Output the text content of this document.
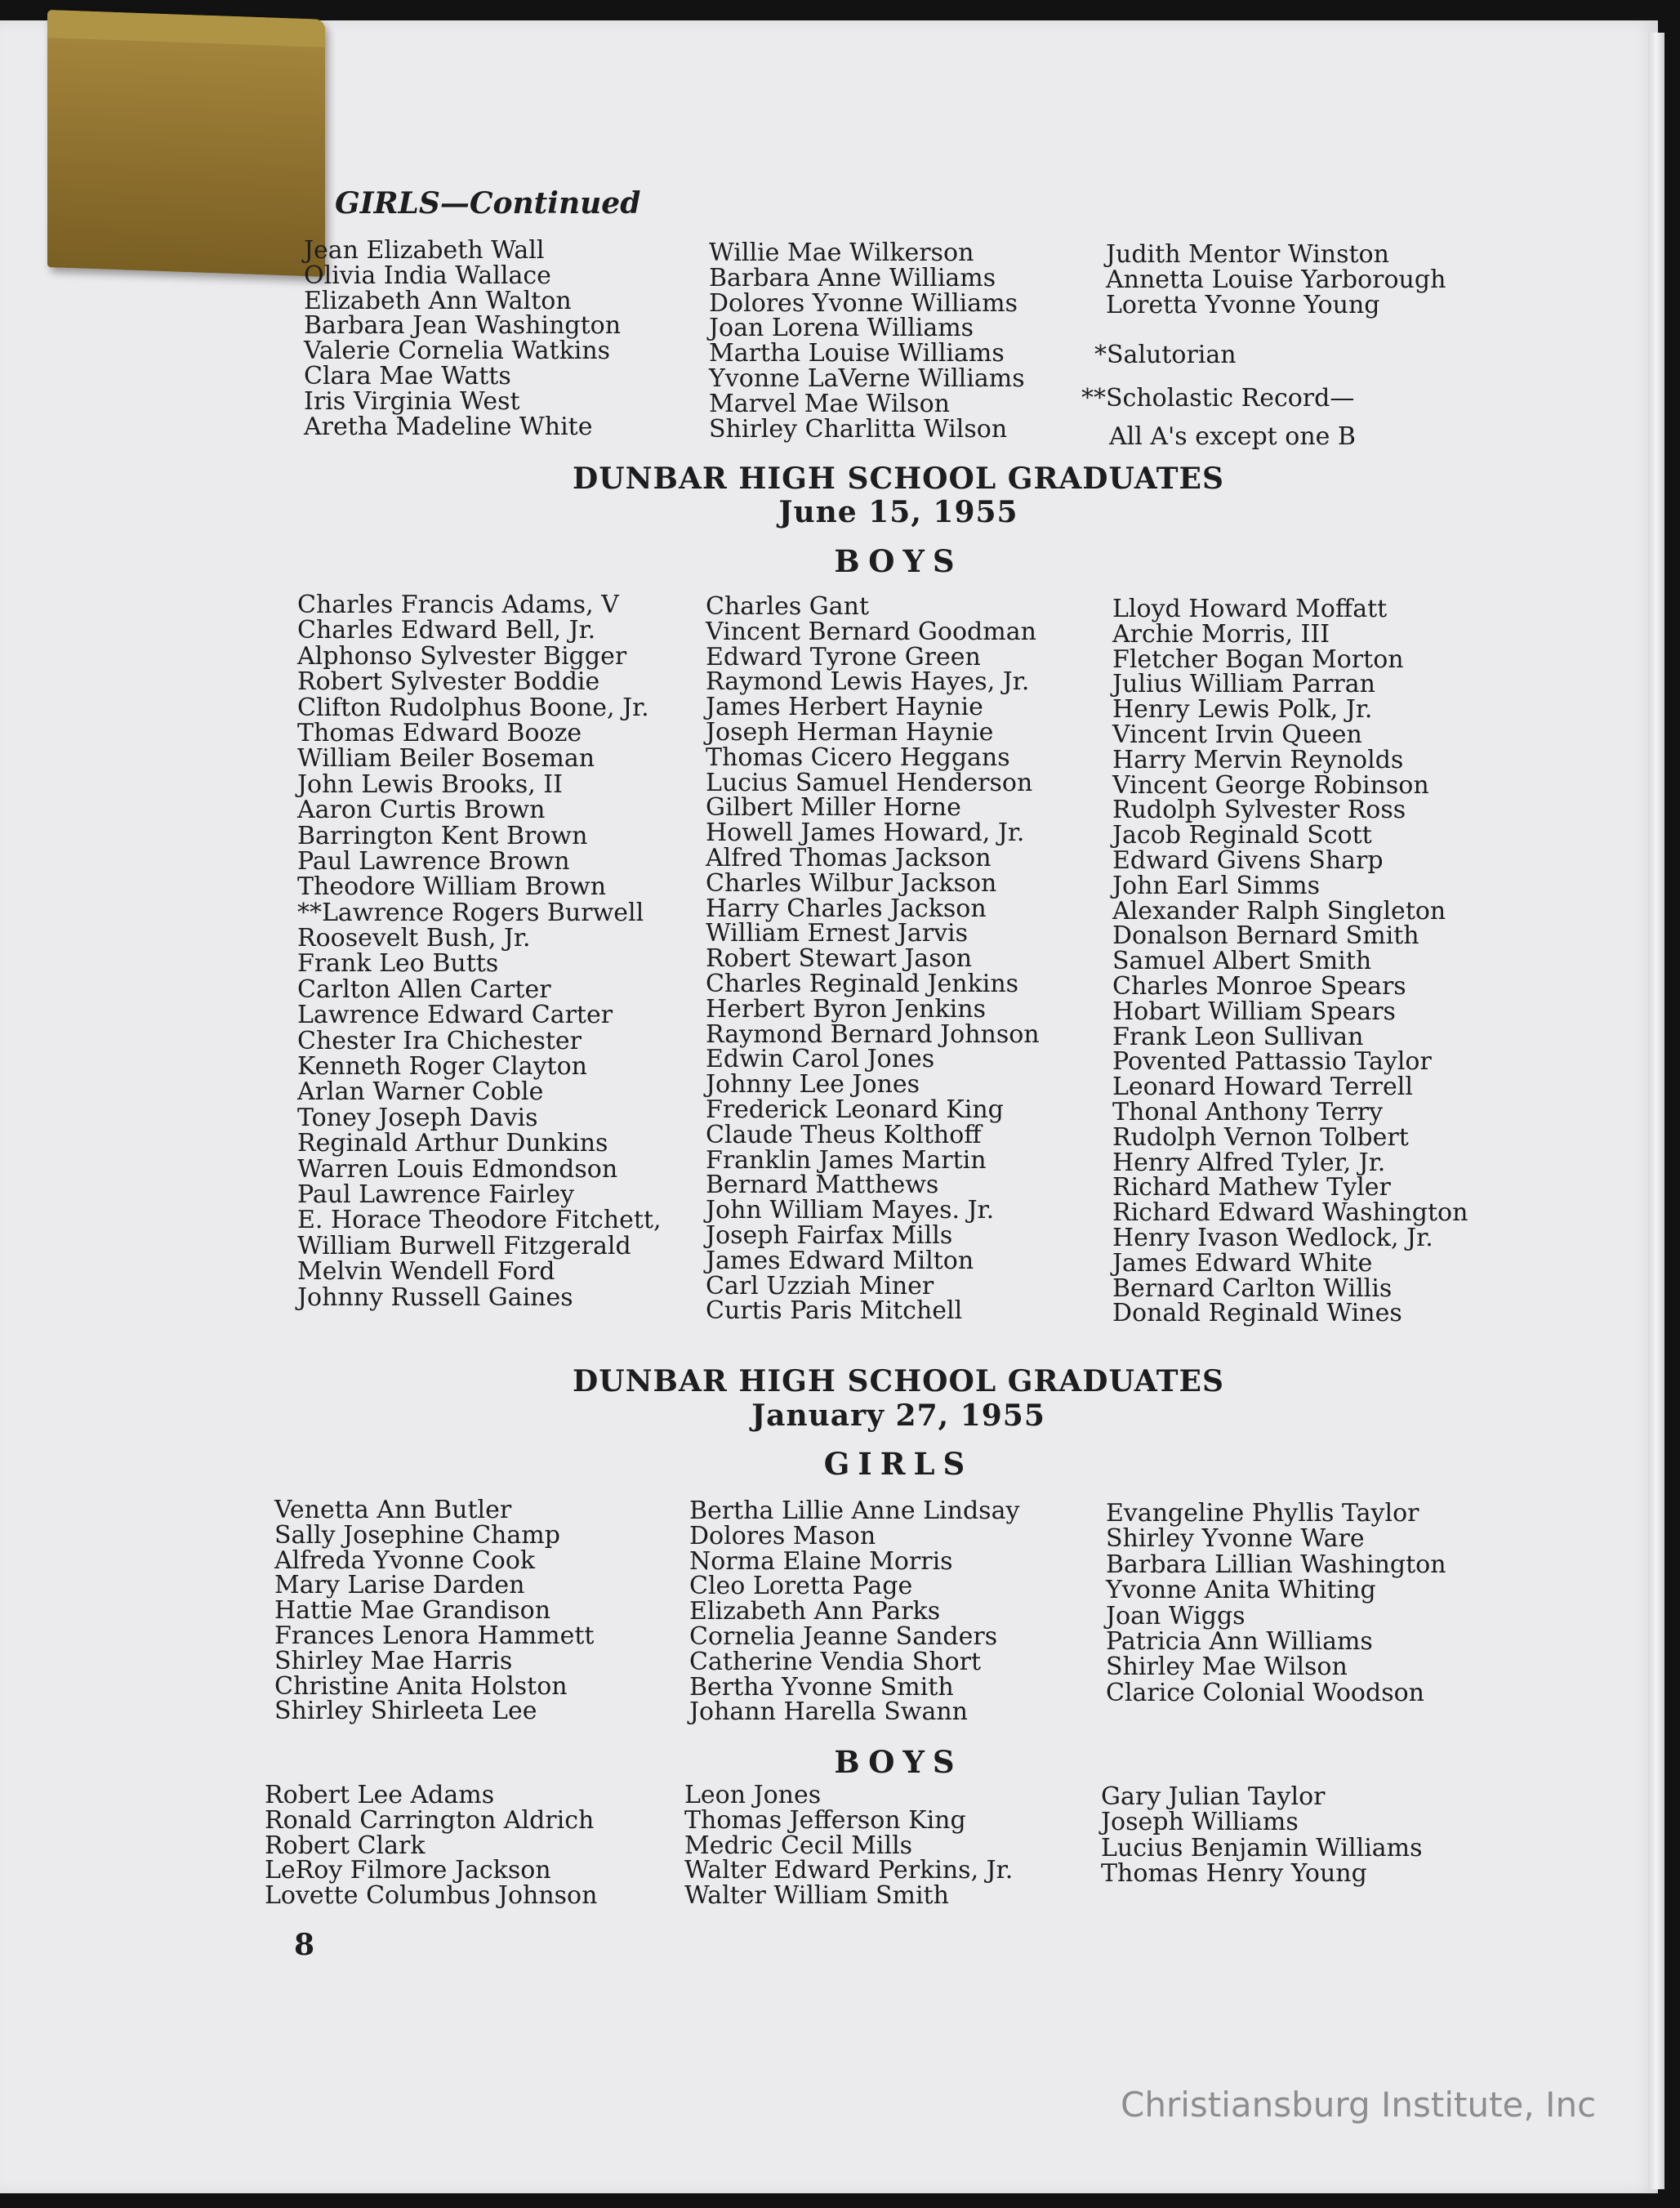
GIRLS—Continued
Jean Elizabeth Wall
Olivia India Wallace
Elizabeth Ann Walton
Barbara Jean Washington
Valerie Cornelia Watkins
Clara Mae Watts
Iris Virginia West
Aretha Madeline White
Willie Mae Wilkerson
Barbara Anne Williams
Dolores Yvonne Williams
Joan Lorena Williams
Martha Louise Williams
Yvonne LaVerne Williams
Marvel Mae Wilson
Shirley Charlitta Wilson
Judith Mentor Winston
Annetta Louise Yarborough
Loretta Yvonne Young
*Salutorian
**Scholastic Record—
All A's except one B
DUNBAR HIGH SCHOOL GRADUATES
June 15, 1955
BOYS
Charles Francis Adams, V
Charles Edward Bell, Jr.
Alphonso Sylvester Bigger
Robert Sylvester Boddie
Clifton Rudolphus Boone, Jr.
Thomas Edward Booze
William Beiler Boseman
John Lewis Brooks, II
Aaron Curtis Brown
Barrington Kent Brown
Paul Lawrence Brown
Theodore William Brown
**Lawrence Rogers Burwell
Roosevelt Bush, Jr.
Frank Leo Butts
Carlton Allen Carter
Lawrence Edward Carter
Chester Ira Chichester
Kenneth Roger Clayton
Arlan Warner Coble
Toney Joseph Davis
Reginald Arthur Dunkins
Warren Louis Edmondson
Paul Lawrence Fairley
E. Horace Theodore Fitchett,
William Burwell Fitzgerald
Melvin Wendell Ford
Johnny Russell Gaines
Charles Gant
Vincent Bernard Goodman
Edward Tyrone Green
Raymond Lewis Hayes, Jr.
James Herbert Haynie
Joseph Herman Haynie
Thomas Cicero Heggans
Lucius Samuel Henderson
Gilbert Miller Horne
Howell James Howard, Jr.
Alfred Thomas Jackson
Charles Wilbur Jackson
Harry Charles Jackson
William Ernest Jarvis
Robert Stewart Jason
Charles Reginald Jenkins
Herbert Byron Jenkins
Raymond Bernard Johnson
Edwin Carol Jones
Johnny Lee Jones
Frederick Leonard King
Claude Theus Kolthoff
Franklin James Martin
Bernard Matthews
John William Mayes. Jr.
Joseph Fairfax Mills
James Edward Milton
Carl Uzziah Miner
Curtis Paris Mitchell
Lloyd Howard Moffatt
Archie Morris, III
Fletcher Bogan Morton
Julius William Parran
Henry Lewis Polk, Jr.
Vincent Irvin Queen
Harry Mervin Reynolds
Vincent George Robinson
Rudolph Sylvester Ross
Jacob Reginald Scott
Edward Givens Sharp
John Earl Simms
Alexander Ralph Singleton
Donalson Bernard Smith
Samuel Albert Smith
Charles Monroe Spears
Hobart William Spears
Frank Leon Sullivan
Povented Pattassio Taylor
Leonard Howard Terrell
Thonal Anthony Terry
Rudolph Vernon Tolbert
Henry Alfred Tyler, Jr.
Richard Mathew Tyler
Richard Edward Washington
Henry Ivason Wedlock, Jr.
James Edward White
Bernard Carlton Willis
Donald Reginald Wines
DUNBAR HIGH SCHOOL GRADUATES
January 27, 1955
GIRLS
Venetta Ann Butler
Sally Josephine Champ
Alfreda Yvonne Cook
Mary Larise Darden
Hattie Mae Grandison
Frances Lenora Hammett
Shirley Mae Harris
Christine Anita Holston
Shirley Shirleeta Lee
Bertha Lillie Anne Lindsay
Dolores Mason
Norma Elaine Morris
Cleo Loretta Page
Elizabeth Ann Parks
Cornelia Jeanne Sanders
Catherine Vendia Short
Bertha Yvonne Smith
Johann Harella Swann
Evangeline Phyllis Taylor
Shirley Yvonne Ware
Barbara Lillian Washington
Yvonne Anita Whiting
Joan Wiggs
Patricia Ann Williams
Shirley Mae Wilson
Clarice Colonial Woodson
BOYS
Robert Lee Adams
Ronald Carrington Aldrich
Robert Clark
LeRoy Filmore Jackson
Lovette Columbus Johnson
Leon Jones
Thomas Jefferson King
Medric Cecil Mills
Walter Edward Perkins, Jr.
Walter William Smith
Gary Julian Taylor
Joseph Williams
Lucius Benjamin Williams
Thomas Henry Young
8
Christiansburg Institute, Inc
